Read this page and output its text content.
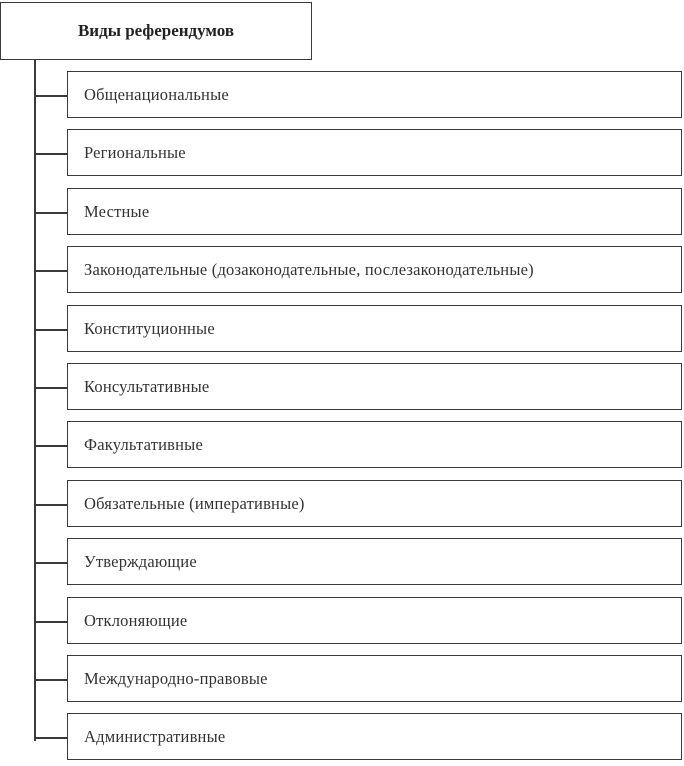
Виды референдумов
Общенациональные
Региональные
Местные
Законодательные (дозаконодательные, послезаконодательные)
Конституционные
Консультативные
Факультативные
Обязательные (императивные)
Утверждающие
Отклоняющие
Международно-правовые
Административные
